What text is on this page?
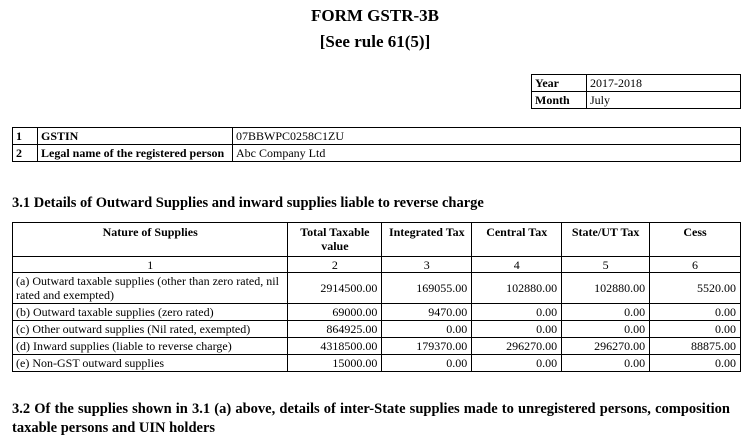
FORM GSTR-3B
[See rule 61(5)]
Year	2017-2018
Month	July
1	GSTIN	07BBWPC0258C1ZU
2	Legal name of the registered person	Abc Company Ltd
3.1 Details of Outward Supplies and inward supplies liable to reverse charge
Nature of Supplies	Total Taxable value	Integrated Tax	Central Tax	State/UT Tax	Cess
1	2	3	4	5	6
(a) Outward taxable supplies (other than zero rated, nil rated and exempted)	2914500.00	169055.00	102880.00	102880.00	5520.00
(b) Outward taxable supplies (zero rated)	69000.00	9470.00	0.00	0.00	0.00
(c) Other outward supplies (Nil rated, exempted)	864925.00	0.00	0.00	0.00	0.00
(d) Inward supplies (liable to reverse charge)	4318500.00	179370.00	296270.00	296270.00	88875.00
(e) Non-GST outward supplies	15000.00	0.00	0.00	0.00	0.00
3.2 Of the supplies shown in 3.1 (a) above, details of inter-State supplies made to unregistered persons, composition taxable persons and UIN holders
